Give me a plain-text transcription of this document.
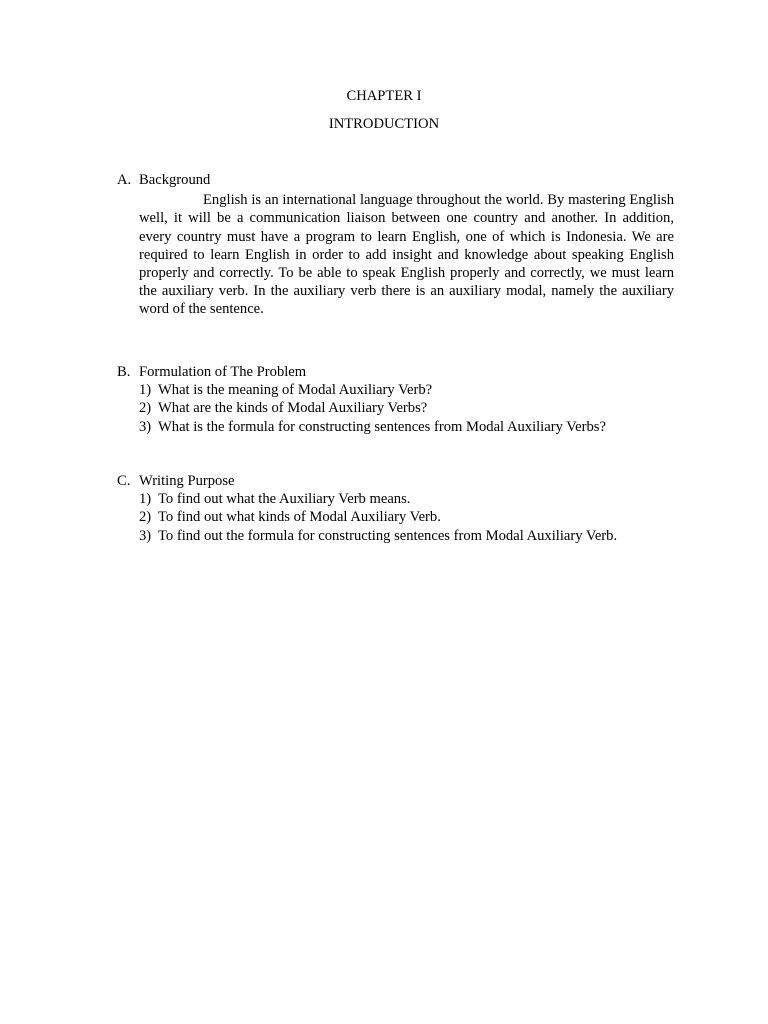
CHAPTER I
INTRODUCTION
A. Background

English is an international language throughout the world. By mastering English well, it will be a communication liaison between one country and another. In addition, every country must have a program to learn English, one of which is Indonesia. We are required to learn English in order to add insight and knowledge about speaking English properly and correctly. To be able to speak English properly and correctly, we must learn the auxiliary verb. In the auxiliary verb there is an auxiliary modal, namely the auxiliary word of the sentence.

B. Formulation of The Problem
1) What is the meaning of Modal Auxiliary Verb?
2) What are the kinds of Modal Auxiliary Verbs?
3) What is the formula for constructing sentences from Modal Auxiliary Verbs?
C. Writing Purpose
1) To find out what the Auxiliary Verb means.
2) To find out what kinds of Modal Auxiliary Verb.
3) To find out the formula for constructing sentences from Modal Auxiliary Verb.
